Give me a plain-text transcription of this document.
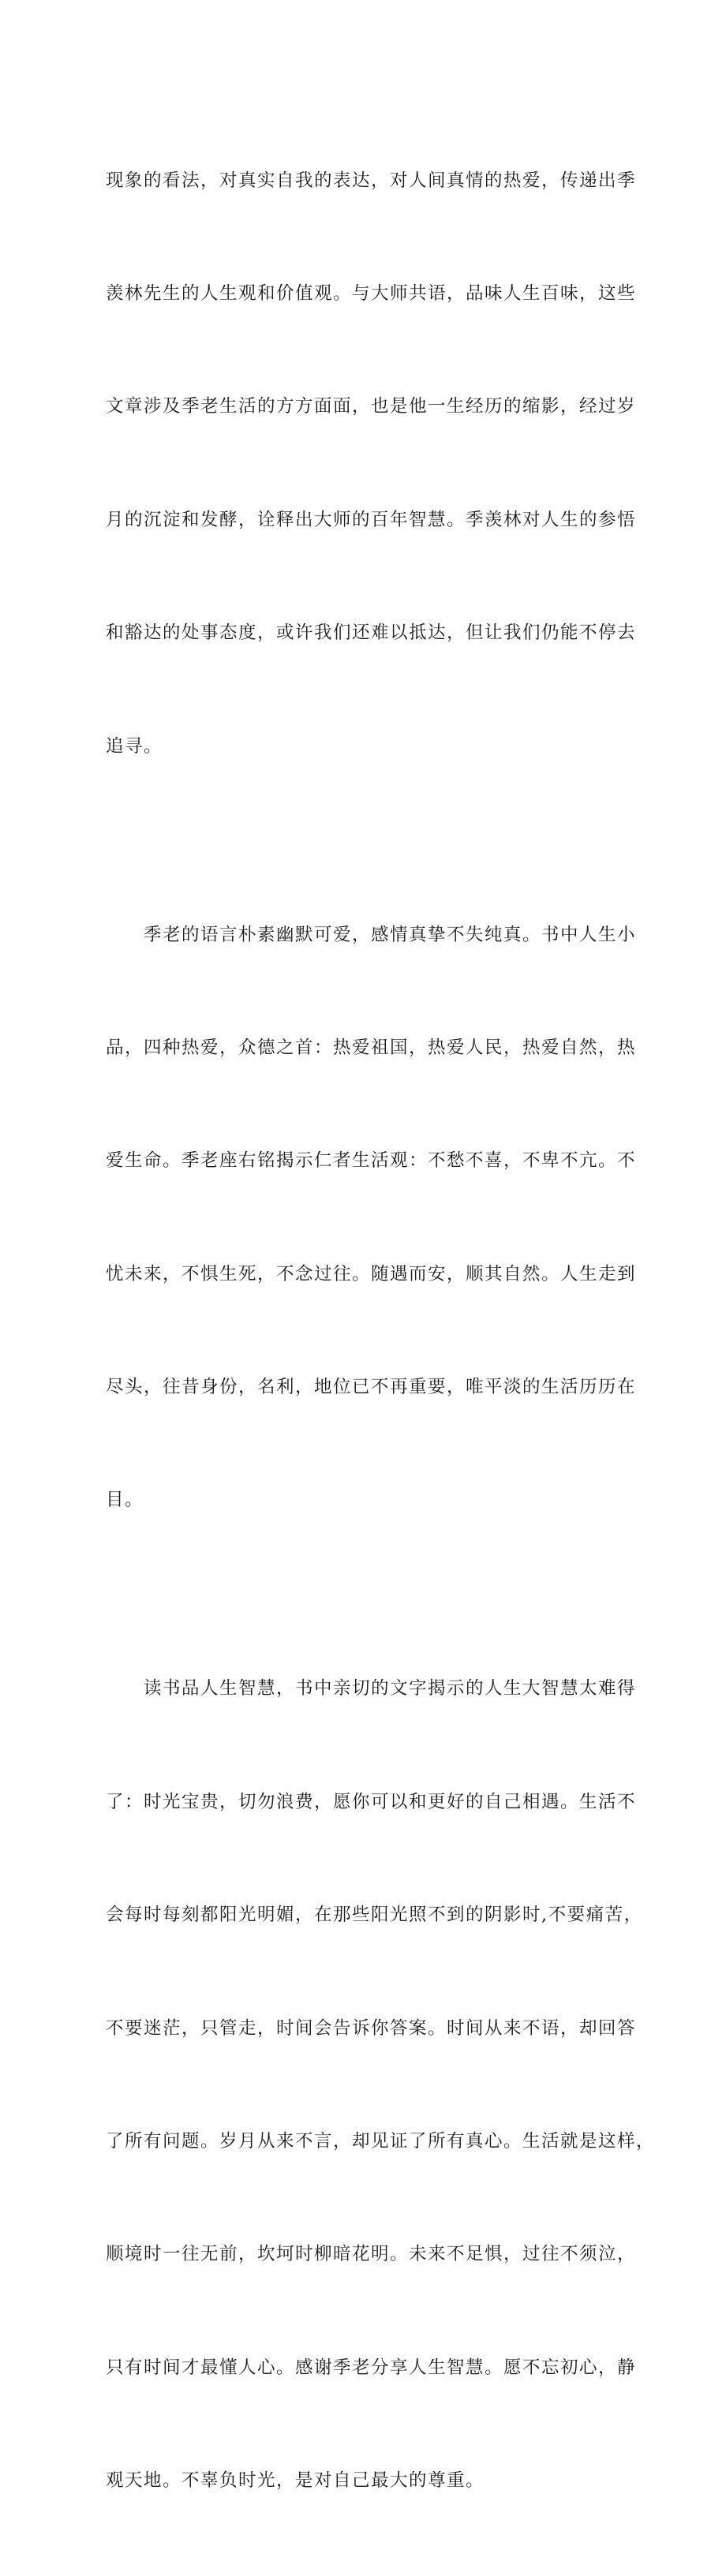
现象的看法，对真实自我的表达，对人间真情的热爱，传递出季

羡林先生的人生观和价值观。与大师共语，品味人生百味，这些

文章涉及季老生活的方方面面，也是他一生经历的缩影，经过岁

月的沉淀和发酵，诠释出大师的百年智慧。季羡林对人生的参悟

和豁达的处事态度，或许我们还难以抵达，但让我们仍能不停去

追寻。

　　季老的语言朴素幽默可爱，感情真挚不失纯真。书中人生小

品，四种热爱，众德之首：热爱祖国，热爱人民，热爱自然，热

爱生命。季老座右铭揭示仁者生活观：不愁不喜，不卑不亢。不

忧未来，不惧生死，不念过往。随遇而安，顺其自然。人生走到

尽头，往昔身份，名利，地位已不再重要，唯平淡的生活历历在

目。

　　读书品人生智慧，书中亲切的文字揭示的人生大智慧太难得

了：时光宝贵，切勿浪费，愿你可以和更好的自己相遇。生活不

会每时每刻都阳光明媚，在那些阳光照不到的阴影时,不要痛苦，

不要迷茫，只管走，时间会告诉你答案。时间从来不语，却回答

了所有问题。岁月从来不言，却见证了所有真心。生活就是这样，

顺境时一往无前，坎坷时柳暗花明。未来不足惧，过往不须泣，

只有时间才最懂人心。感谢季老分享人生智慧。愿不忘初心，静

观天地。不辜负时光，是对自己最大的尊重。
